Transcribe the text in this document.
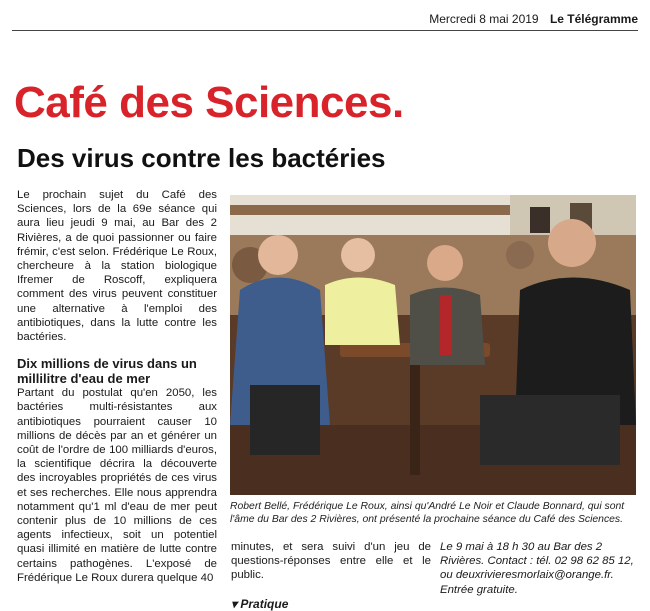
Mercredi 8 mai 2019 Le Télégramme
Café des Sciences.
Des virus contre les bactéries

Le prochain sujet du Café des Sciences, lors de la 69e séance qui aura lieu jeudi 9 mai, au Bar des 2 Rivières, a de quoi passionner ou faire frémir, c'est selon. Frédérique Le Roux, chercheure à la station biologique Ifremer de Roscoff, expliquera comment des virus peuvent constituer une alternative à l'emploi des antibiotiques, dans la lutte contre les bactéries.

Dix millions de virus dans un millilitre d'eau de mer

Partant du postulat qu'en 2050, les bactéries multi-résistantes aux antibiotiques pourraient causer 10 millions de décès par an et générer un coût de l'ordre de 100 milliards d'euros, la scientifique décrira la découverte des incroyables propriétés de ces virus et ses recherches. Elle nous apprendra notamment qu'1 ml d'eau de mer peut contenir plus de 10 millions de ces agents infectieux, soit un potentiel quasi illimité en matière de lutte contre certains pathogènes. L'exposé de Frédérique Le Roux durera quelque 40

Robert Bellé, Frédérique Le Roux, ainsi qu'André Le Noir et Claude Bonnard, qui sont l'âme du Bar des 2 Rivières, ont présenté la prochaine séance du Café des Sciences.

minutes, et sera suivi d'un jeu de questions-réponses entre elle et le public.

▾ Pratique

Le 9 mai à 18 h 30 au Bar des 2 Rivières. Contact : tél. 02 98 62 85 12, ou deuxrivieresmorlaix@orange.fr. Entrée gratuite.
